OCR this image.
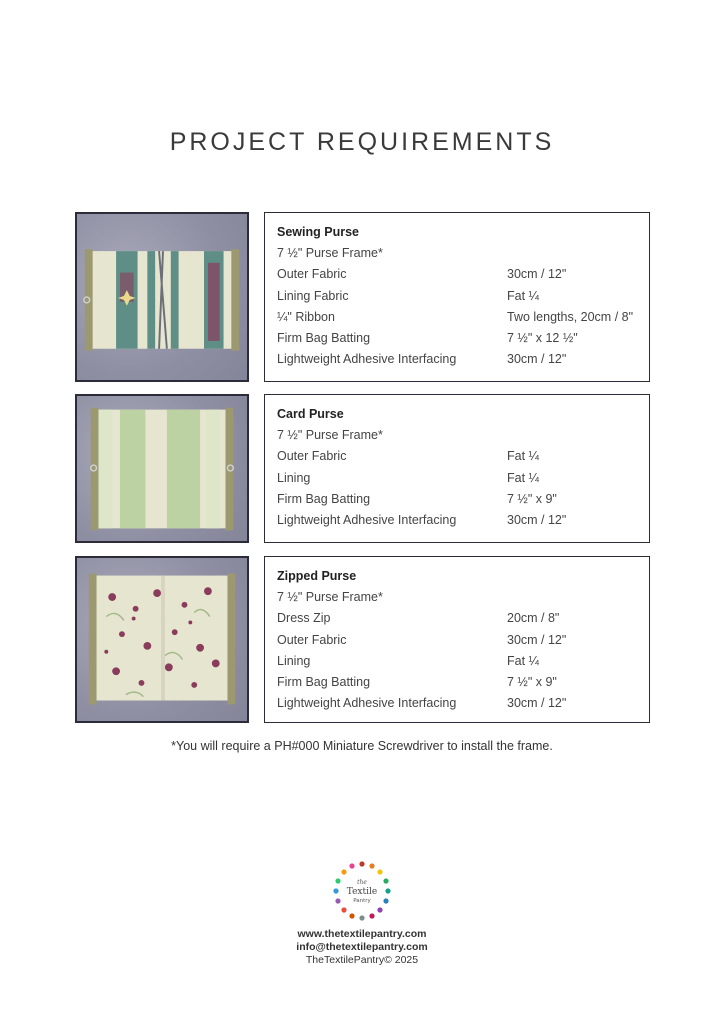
PROJECT REQUIREMENTS
Sewing Purse
7 ½" Purse Frame*
Outer Fabric	30cm / 12"
Lining Fabric	Fat ¼
¼" Ribbon	Two lengths, 20cm / 8"
Firm Bag Batting	7 ½" x 12 ½"
Lightweight Adhesive Interfacing	30cm / 12"
Card Purse
7 ½" Purse Frame*
Outer Fabric	Fat ¼
Lining	Fat ¼
Firm Bag Batting	7 ½" x 9"
Lightweight Adhesive Interfacing	30cm / 12"
Zipped Purse
7 ½" Purse Frame*
Dress Zip	20cm / 8"
Outer Fabric	30cm / 12"
Lining	Fat ¼
Firm Bag Batting	7 ½" x 9"
Lightweight Adhesive Interfacing	30cm / 12"
*You will require a PH#000 Miniature Screwdriver to install the frame.
the
Textile
Pantry
www.thetextilepantry.com
info@thetextilepantry.com
TheTextilePantry© 2025
